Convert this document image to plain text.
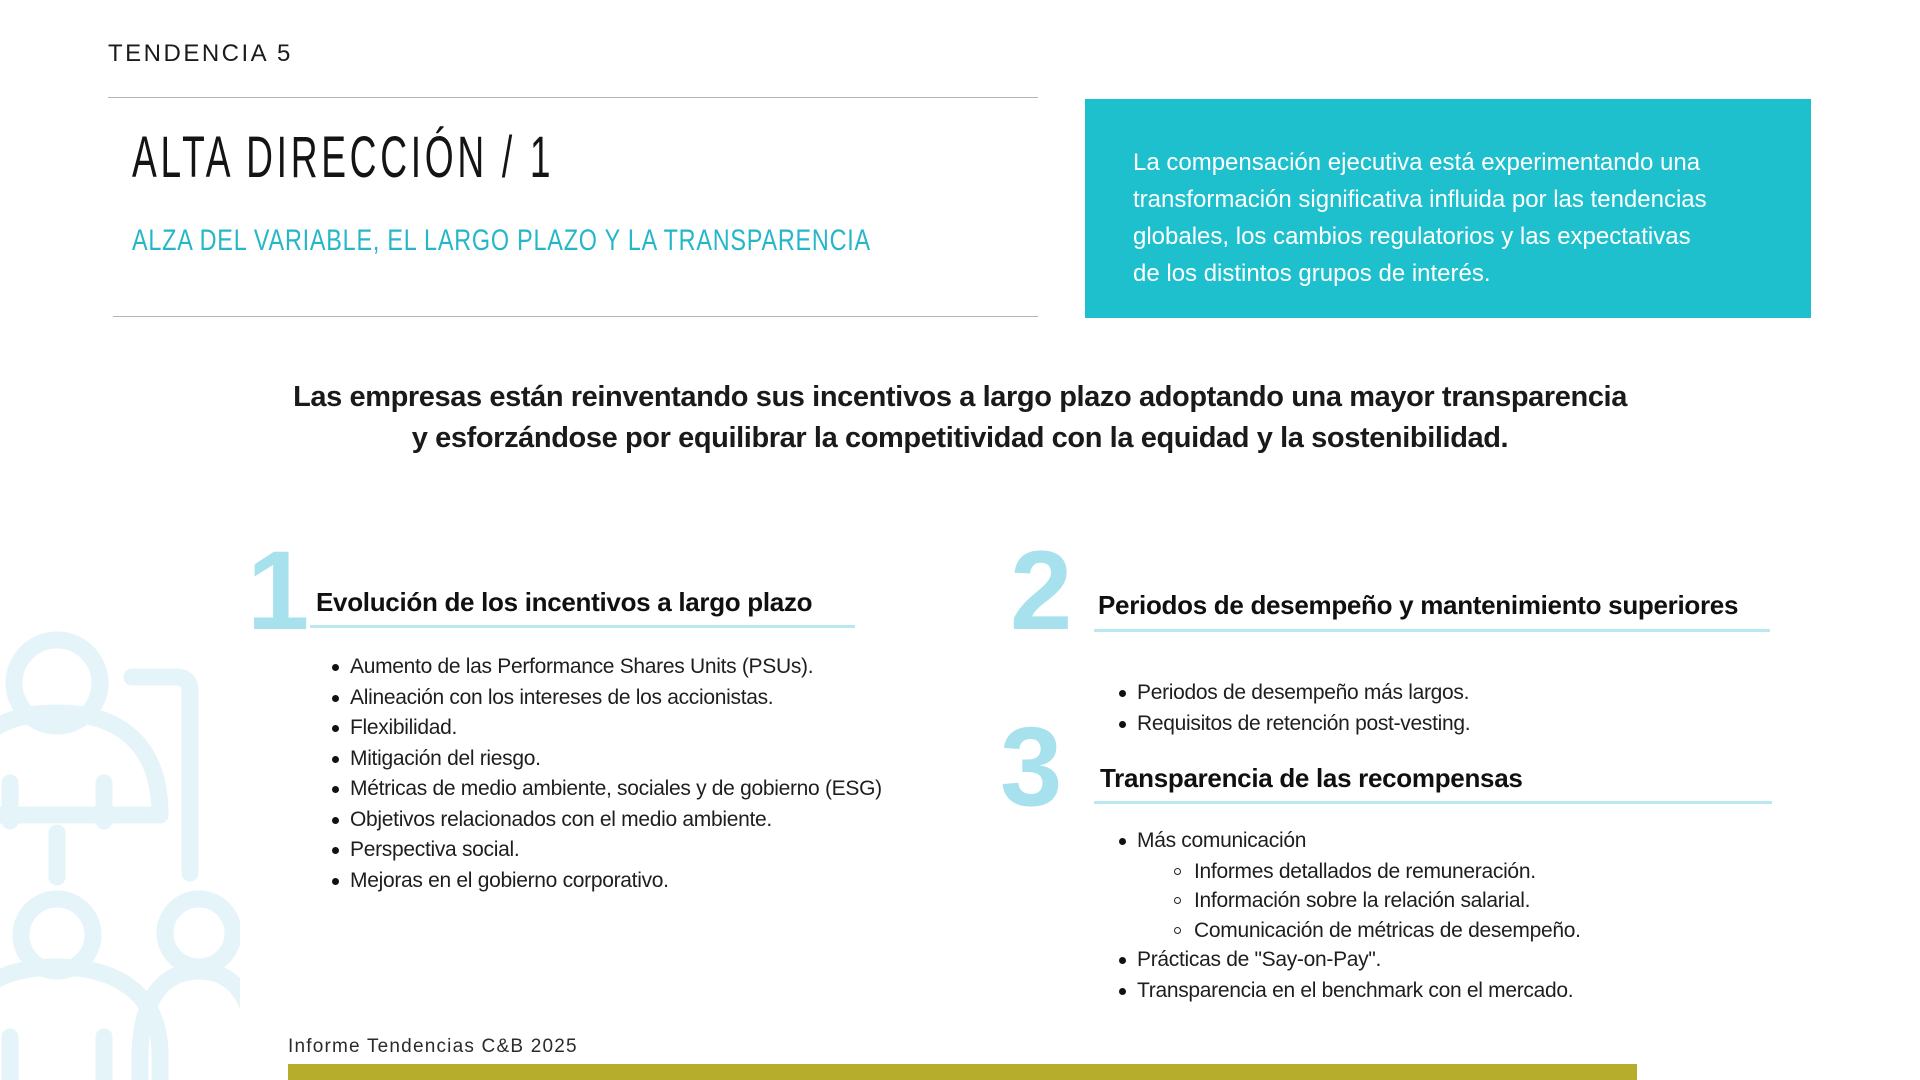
TENDENCIA 5
ALTA DIRECCIÓN / 1
ALZA DEL VARIABLE, EL LARGO PLAZO Y LA TRANSPARENCIA
La compensación ejecutiva está experimentando una
transformación significativa influida por las tendencias
globales, los cambios regulatorios y las expectativas
de los distintos grupos de interés.
Las empresas están reinventando sus incentivos a largo plazo adoptando una mayor transparencia
y esforzándose por equilibrar la competitividad con la equidad y la sostenibilidad.
1 Evolución de los incentivos a largo plazo
Aumento de las Performance Shares Units (PSUs).
Alineación con los intereses de los accionistas.
Flexibilidad.
Mitigación del riesgo.
Métricas de medio ambiente, sociales y de gobierno (ESG)
Objetivos relacionados con el medio ambiente.
Perspectiva social.
Mejoras en el gobierno corporativo.
2 Periodos de desempeño y mantenimiento superiores
Periodos de desempeño más largos.
Requisitos de retención post-vesting.
3 Transparencia de las recompensas
Más comunicación
Informes detallados de remuneración.
Información sobre la relación salarial.
Comunicación de métricas de desempeño.
Prácticas de "Say-on-Pay".
Transparencia en el benchmark con el mercado.
Informe Tendencias C&B 2025
